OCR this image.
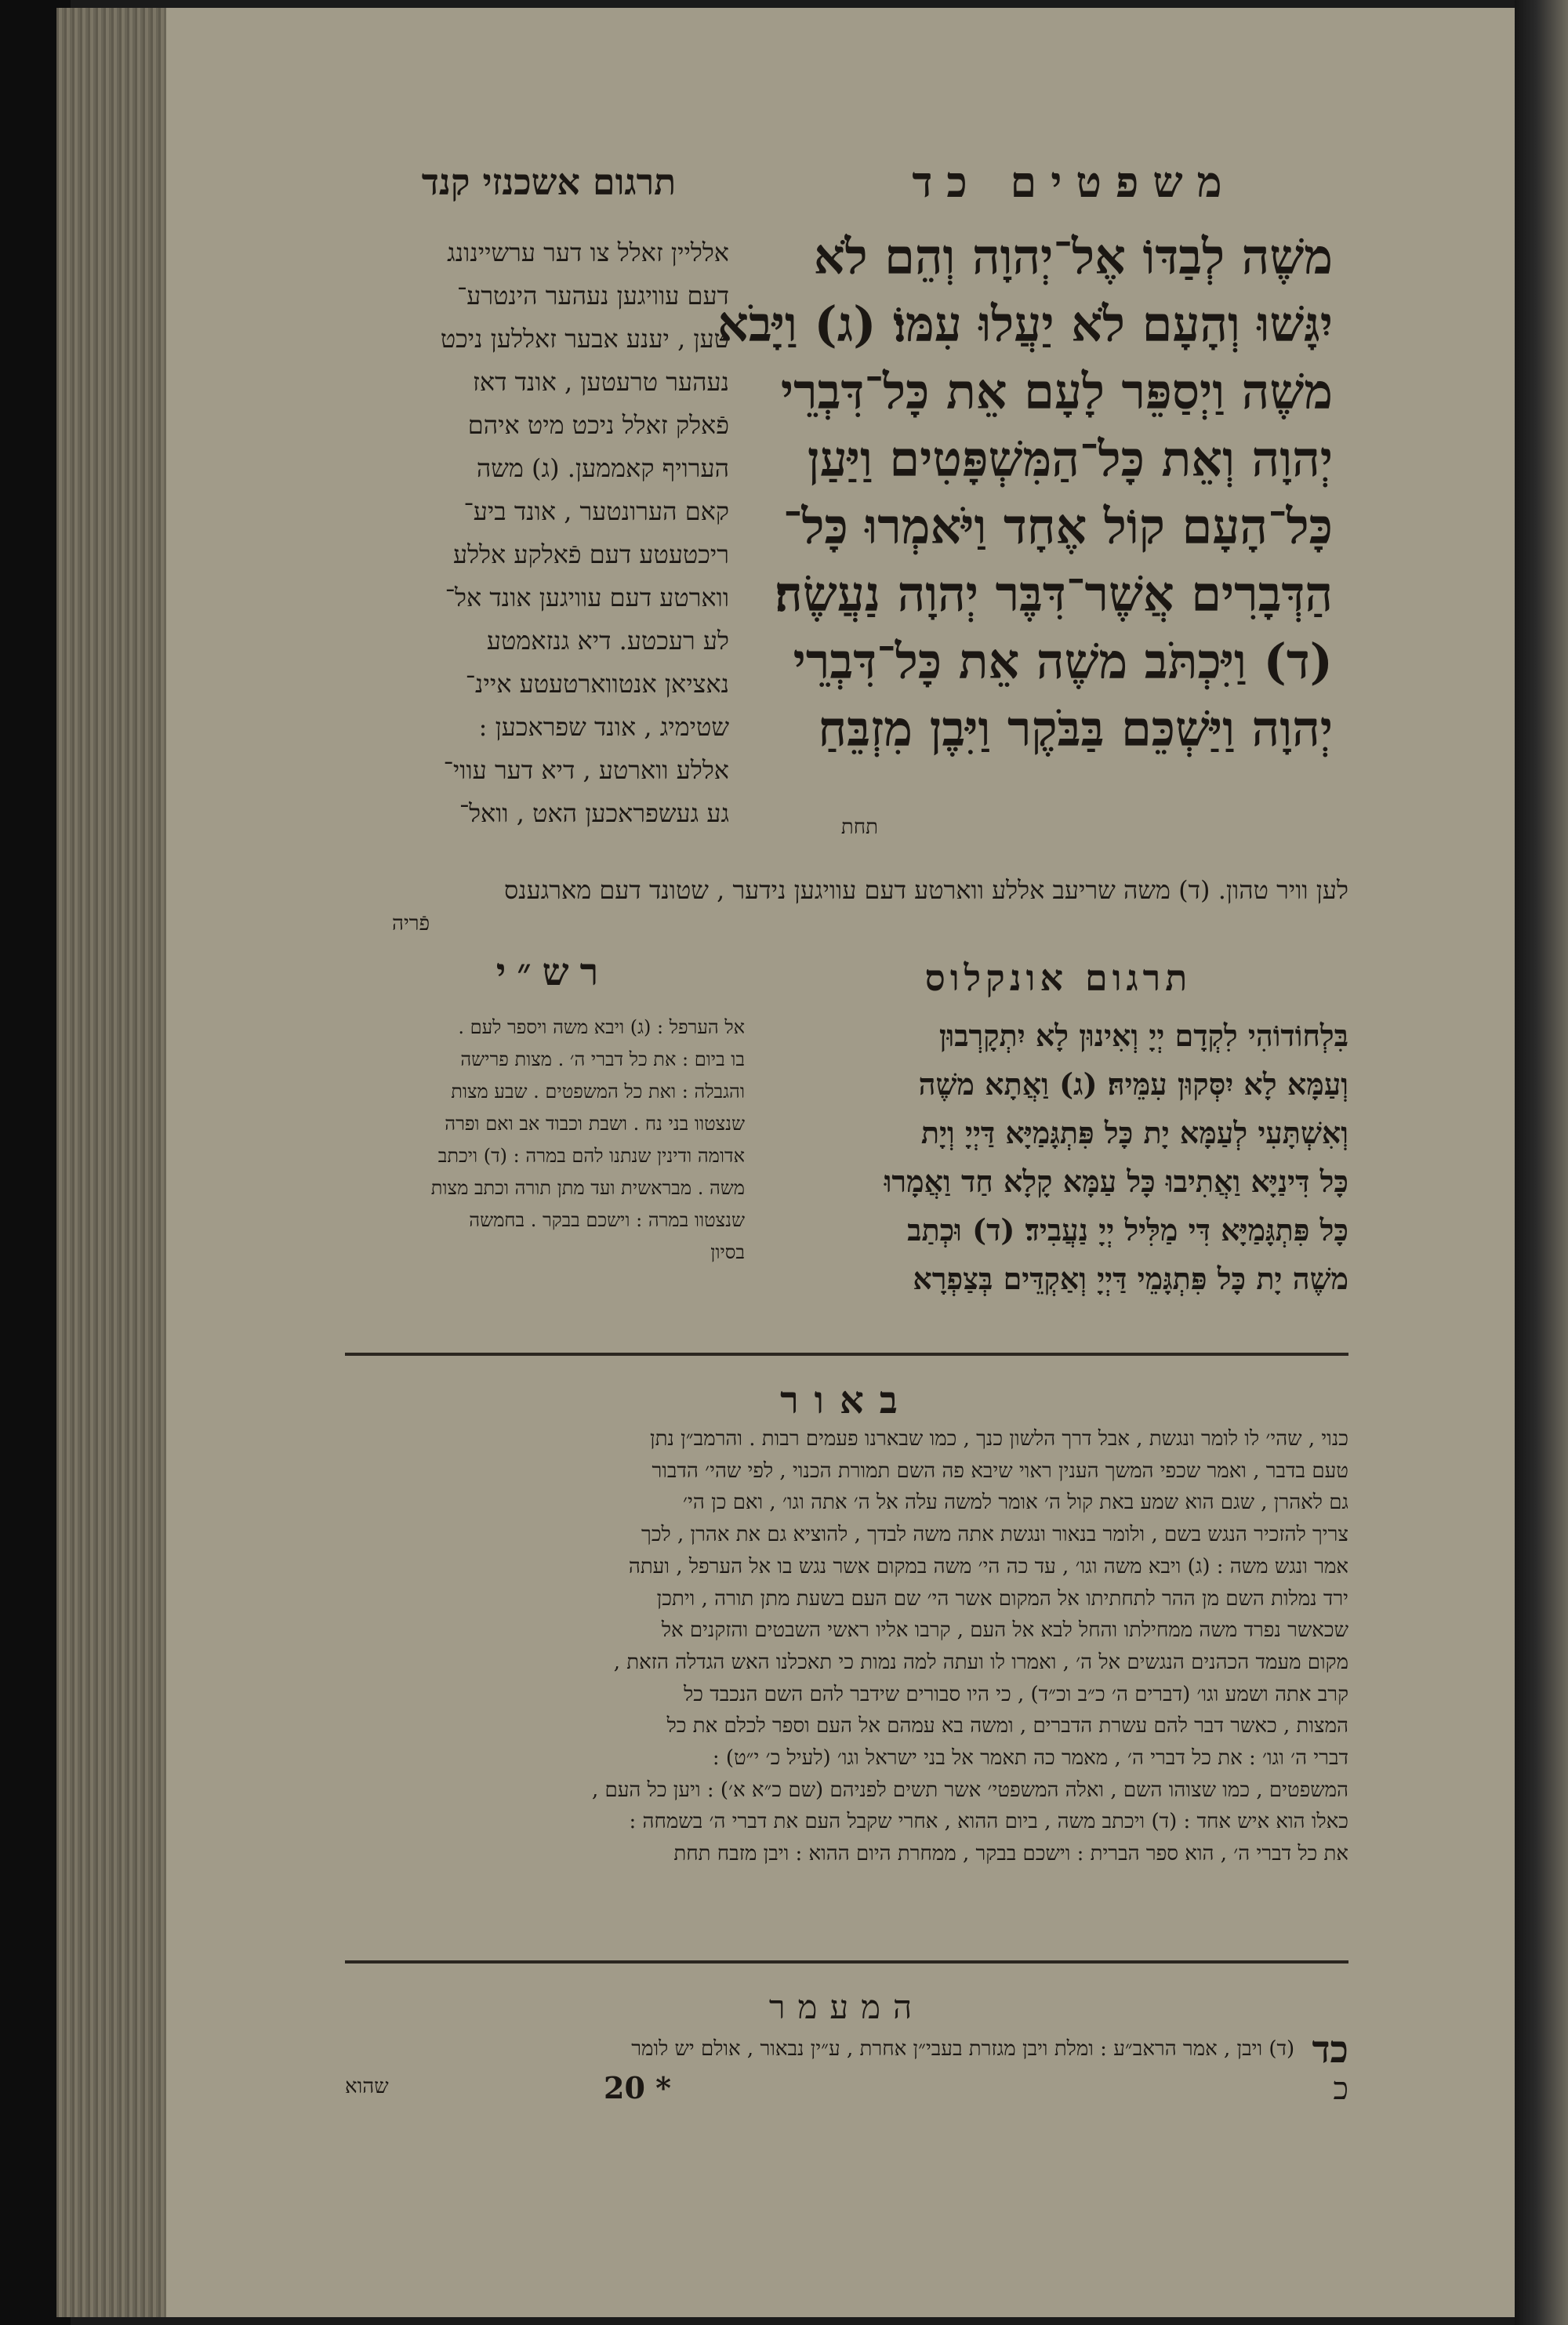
משפטים כד
תרגום אשכנזי קנד

משֶׁה לְבַדּוֹ אֶל־יְהוָה וְהֵם לֹא

יִגָּשׁוּ וְהָעָם לֹא יַעֲלוּ עִמּוֹ׃ (ג) וַיָּבֹא

משֶׁה וַיְסַפֵּר לָעָם אֵת כָּל־דִּבְרֵי

יְהוָה וְאֵת כָּל־הַמִּשְׁפָּטִים וַיַּעַן

כָּל־הָעָם קוֹל אֶחָד וַיֹּאמְרוּ כָּל־

הַדְּבָרִים אֲשֶׁר־דִּבֶּר יְהוָה נַעֲשֶׂה׃

(ד) וַיִּכְתֹּב משֶׁה אֵת כָּל־דִּבְרֵי

יְהוָה וַיַּשְׁכֵּם בַּבֹּקֶר וַיִּבֶן מִזְבֵּחַ

תחת

אלליין זאלל צו דער ערשיינונג

דעם עוויגען נעהער הינטרע־

טען , יענע אבער זאללען ניכט

נעהער טרעטען , אונד דאז

פֿאלק זאלל ניכט מיט איהם

הערויף קאממען. (ג) משה

קאם הערונטער , אונד ביע־

ריכטעטע דעם פֿאלקע אללע

ווארטע דעם עוויגען אונד אל־

לע רעכטע. דיא גנזאמטע

נאציאן אנטווארטעטע איינ־

שטימיג , אונד שפראכען :

אללע ווארטע , דיא דער עווי־

גע געשפראכען האט , וואל־

לען וויר טהון. (ד) משה שריעב אללע ווארטע דעם עוויגען נידער , שטונד דעם מארגענס

פֿריה

תרגום אונקלוס
רש״י

בִּלְחוֹדוֹהִי לִקְדָם יְיָ וְאִינוּן לָא יִתְקָרְבוּן

וְעַמָּא לָא יִסְּקוּן עִמֵּיהּ׃ (ג) וַאֲתָא משֶׁה

וְאִשְׁתָּעִי לְעַמָּא יָת כָּל פִּתְגָּמַיָּא דַּיְיָ וְיָת

כָּל דִּינַיָּא וַאֲתִיבוּ כָּל עַמָּא קָלָא חַד וַאֲמָרוּ

כָּל פִּתְגָּמַיָּא דִּי מַלִּיל יְיָ נַעֲבִיד׃ (ד) וּכְתַב

משֶׁה יָת כָּל פִּתְגָּמֵי דַּיְיָ וְאַקְדֵּים בְּצַפְרָא

אל הערפל : (ג) ויבא משה ויספר לעם .

בו ביום : את כל דברי ה׳ . מצות פרישה

והגבלה : ואת כל המשפטים . שבע מצות

שנצטוו בני נח . ושבת וכבוד אב ואם ופרה

אדומה ודינין שנתנו להם במרה : (ד) ויכתב

משה . מבראשית ועד מתן תורה וכתב מצות

שנצטוו במרה : וישכם בבקר . בחמשה

בסיון

באור

כנוי , שהי׳ לו לומר ונגשת , אבל דרך הלשון כנך , כמו שבארנו פעמים רבות . והרמב״ן נתן

טעם בדבר , ואמר שכפי המשך הענין ראוי שיבא פה השם תמורת הכנוי , לפי שהי׳ הדבור

גם לאהרן , שגם הוא שמע באת קול ה׳ אומר למשה עלה אל ה׳ אתה וגו׳ , ואם כן הי׳

צריך להזכיר הנגש בשם , ולומר בנאור ונגשת אתה משה לבדך , להוציא גם את אהרן , לכך

אמר ונגש משה : (ג) ויבא משה וגו׳ , עד כה הי׳ משה במקום אשר נגש בו אל הערפל , ועתה

ירד נמלות השם מן ההר לתחתיתו אל המקום אשר הי׳ שם העם בשעת מתן תורה , ויתכן

שכאשר נפרד משה ממחילתו והחל לבא אל העם , קרבו אליו ראשי השבטים והזקנים אל

מקום מעמד הכהנים הנגשים אל ה׳ , ואמרו לו ועתה למה נמות כי תאכלנו האש הגדלה הזאת ,

קרב אתה ושמע וגו׳ (דברים ה׳ כ״ב וכ״ד) , כי היו סבורים שידבר להם השם הנכבד כל

המצות , כאשר דבר להם עשרת הדברים , ומשה בא עמהם אל העם וספר לכלם את כל

דברי ה׳ וגו׳ : את כל דברי ה׳ , מאמר כה תאמר אל בני ישראל וגו׳ (לעיל כ׳ י״ט) :

המשפטים , כמו שצוהו השם , ואלה המשפטי׳ אשר תשים לפניהם (שם כ״א א׳) : ויען כל העם ,

כאלו הוא איש אחד : (ד) ויכתב משה , ביום ההוא , אחרי שקבל העם את דברי ה׳ בשמחה :

את כל דברי ה׳ , הוא ספר הברית : וישכם בבקר , ממחרת היום ההוא : ויבן מזבח תחת

המעמר
כד (ד) ויבן , אמר הראב״ע : ומלת ויבן מגזרת בעבי״ן אחרת , ע״ין נבאור , אולם יש לומר
כ
20 *
שהוא
